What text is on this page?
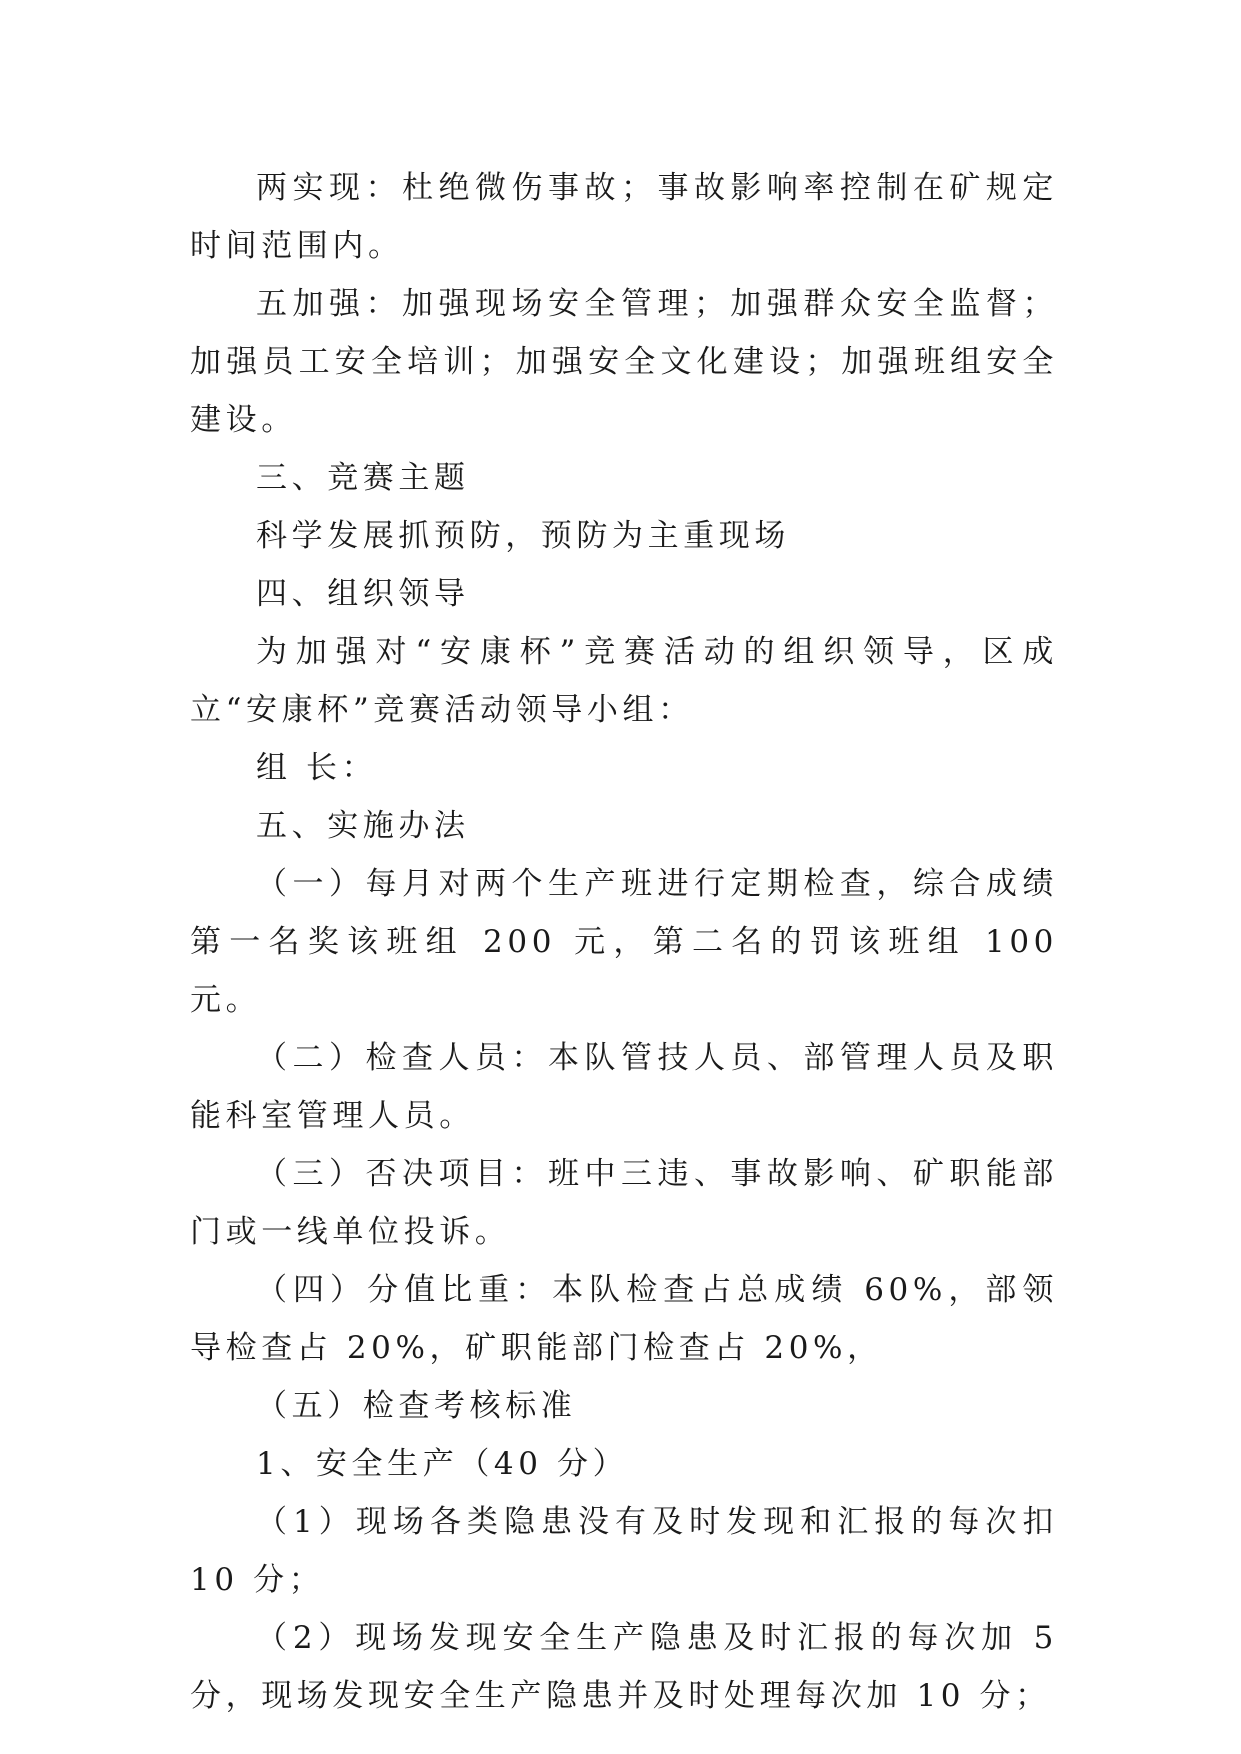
两实现：杜绝微伤事故；事故影响率控制在矿规定时间范围内。

五加强：加强现场安全管理；加强群众安全监督；加强员工安全培训；加强安全文化建设；加强班组安全建设。

三、竞赛主题

科学发展抓预防，预防为主重现场

四、组织领导

为加强对“安康杯”竞赛活动的组织领导，区成立“安康杯”竞赛活动领导小组：

组 长：

五、实施办法

（一）每月对两个生产班进行定期检查，综合成绩第一名奖该班组 200 元，第二名的罚该班组 100 元。

（二）检查人员：本队管技人员、部管理人员及职能科室管理人员。

（三）否决项目：班中三违、事故影响、矿职能部门或一线单位投诉。

（四）分值比重：本队检查占总成绩 60%，部领导检查占 20%，矿职能部门检查占 20%，

（五）检查考核标准

1、安全生产（40 分）

（1）现场各类隐患没有及时发现和汇报的每次扣 10 分；

（2）现场发现安全生产隐患及时汇报的每次加 5 分，现场发现安全生产隐患并及时处理每次加 10 分；
